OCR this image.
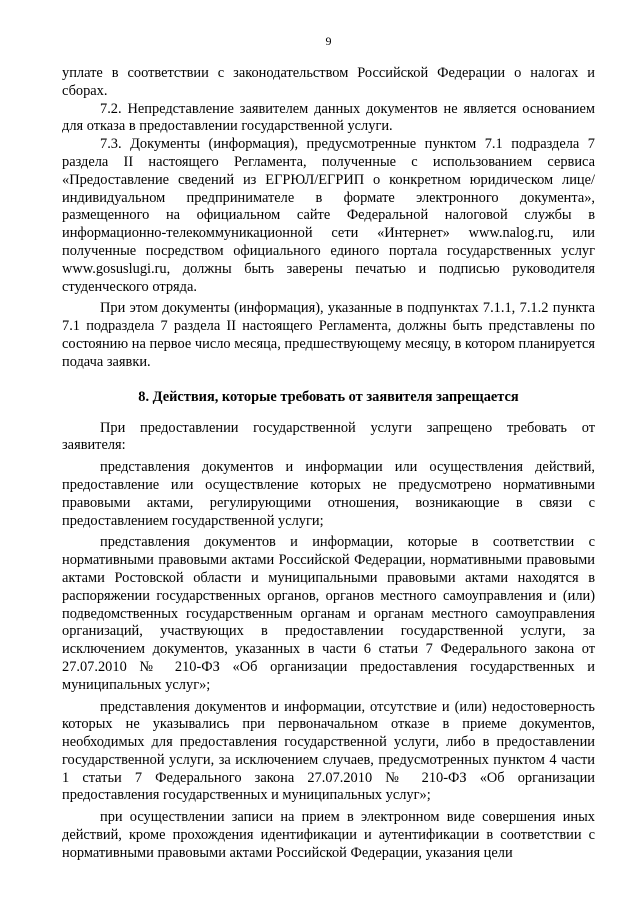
9

уплате в соответствии с законодательством Российской Федерации о налогах и сборах.

7.2. Непредставление заявителем данных документов не является основанием для отказа в предоставлении государственной услуги.

7.3. Документы (информация), предусмотренные пунктом 7.1 подраздела 7 раздела II настоящего Регламента, полученные с использованием сервиса «Предоставление сведений из ЕГРЮЛ/ЕГРИП о конкретном юридическом лице/индивидуальном предпринимателе в формате электронного документа», размещенного на официальном сайте Федеральной налоговой службы в информационно-телекоммуникационной сети «Интернет» www.nalog.ru, или полученные посредством официального единого портала государственных услуг www.gosuslugi.ru, должны быть заверены печатью и подписью руководителя студенческого отряда.

При этом документы (информация), указанные в подпунктах 7.1.1, 7.1.2 пункта 7.1 подраздела 7 раздела II настоящего Регламента, должны быть представлены по состоянию на первое число месяца, предшествующему месяцу, в котором планируется подача заявки.

8. Действия, которые требовать от заявителя запрещается

При предоставлении государственной услуги запрещено требовать от заявителя:

представления документов и информации или осуществления действий, предоставление или осуществление которых не предусмотрено нормативными правовыми актами, регулирующими отношения, возникающие в связи с предоставлением государственной услуги;

представления документов и информации, которые в соответствии с нормативными правовыми актами Российской Федерации, нормативными правовыми актами Ростовской области и муниципальными правовыми актами находятся в распоряжении государственных органов, органов местного самоуправления и (или) подведомственных государственным органам и органам местного самоуправления организаций, участвующих в предоставлении государственной услуги, за исключением документов, указанных в части 6 статьи 7 Федерального закона от 27.07.2010 № 210-ФЗ «Об организации предоставления государственных и муниципальных услуг»;

представления документов и информации, отсутствие и (или) недостоверность которых не указывались при первоначальном отказе в приеме документов, необходимых для предоставления государственной услуги, либо в предоставлении государственной услуги, за исключением случаев, предусмотренных пунктом 4 части 1 статьи 7 Федерального закона 27.07.2010 № 210-ФЗ «Об организации предоставления государственных и муниципальных услуг»;

при осуществлении записи на прием в электронном виде совершения иных действий, кроме прохождения идентификации и аутентификации в соответствии с нормативными правовыми актами Российской Федерации, указания цели
